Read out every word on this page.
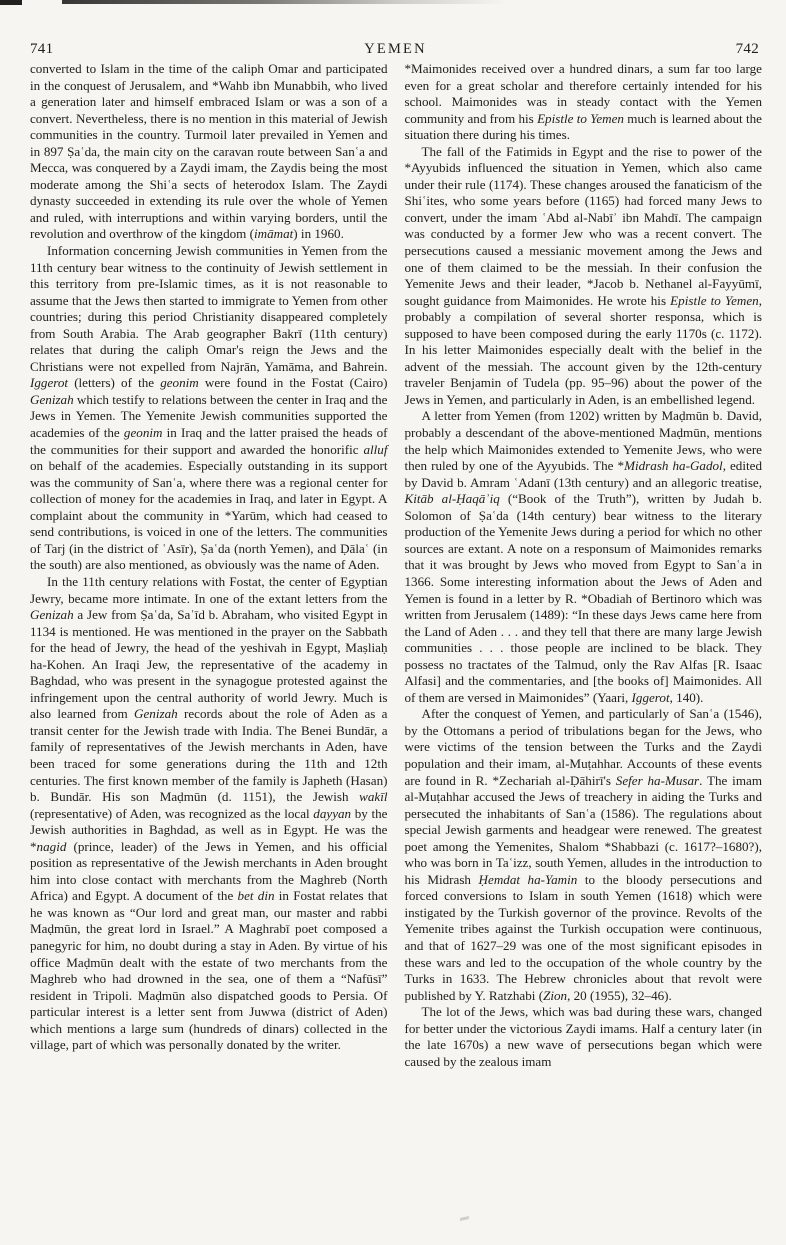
741	YEMEN	742

converted to Islam in the time of the caliph Omar and participated in the conquest of Jerusalem, and *Wahb ibn Munabbih, who lived a generation later and himself embraced Islam or was a son of a convert. Nevertheless, there is no mention in this material of Jewish communities in the country. Turmoil later prevailed in Yemen and in 897 Ṣaʿda, the main city on the caravan route between Sanʿa and Mecca, was conquered by a Zaydi imam, the Zaydis being the most moderate among the Shiʿa sects of heterodox Islam. The Zaydi dynasty succeeded in extending its rule over the whole of Yemen and ruled, with interruptions and within varying borders, until the revolution and overthrow of the kingdom (imāmat) in 1960.

Information concerning Jewish communities in Yemen from the 11th century bear witness to the continuity of Jewish settlement in this territory from pre-Islamic times, as it is not reasonable to assume that the Jews then started to immigrate to Yemen from other countries; during this period Christianity disappeared completely from South Arabia. The Arab geographer Bakrī (11th century) relates that during the caliph Omar's reign the Jews and the Christians were not expelled from Najrān, Yamāma, and Bahrein. Iggerot (letters) of the geonim were found in the Fostat (Cairo) Genizah which testify to relations between the center in Iraq and the Jews in Yemen. The Yemenite Jewish communities supported the academies of the geonim in Iraq and the latter praised the heads of the communities for their support and awarded the honorific alluf on behalf of the academies. Especially outstanding in its support was the community of Sanʿa, where there was a regional center for collection of money for the academies in Iraq, and later in Egypt. A complaint about the community in *Yarūm, which had ceased to send contributions, is voiced in one of the letters. The communities of Tarj (in the district of ʿAsīr), Ṣaʿda (north Yemen), and Ḍālaʿ (in the south) are also mentioned, as obviously was the name of Aden.

In the 11th century relations with Fostat, the center of Egyptian Jewry, became more intimate. In one of the extant letters from the Genizah a Jew from Ṣaʿda, Saʿīd b. Abraham, who visited Egypt in 1134 is mentioned. He was mentioned in the prayer on the Sabbath for the head of Jewry, the head of the yeshivah in Egypt, Maṣliaḥ ha-Kohen. An Iraqi Jew, the representative of the academy in Baghdad, who was present in the synagogue protested against the infringement upon the central authority of world Jewry. Much is also learned from Genizah records about the role of Aden as a transit center for the Jewish trade with India. The Benei Bundār, a family of representatives of the Jewish merchants in Aden, have been traced for some generations during the 11th and 12th centuries. The first known member of the family is Japheth (Hasan) b. Bundār. His son Maḍmūn (d. 1151), the Jewish wakīl (representative) of Aden, was recognized as the local dayyan by the Jewish authorities in Baghdad, as well as in Egypt. He was the *nagid (prince, leader) of the Jews in Yemen, and his official position as representative of the Jewish merchants in Aden brought him into close contact with merchants from the Maghreb (North Africa) and Egypt. A document of the bet din in Fostat relates that he was known as “Our lord and great man, our master and rabbi Maḍmūn, the great lord in Israel.” A Maghrabī poet composed a panegyric for him, no doubt during a stay in Aden. By virtue of his office Maḍmūn dealt with the estate of two merchants from the Maghreb who had drowned in the sea, one of them a “Nafūsī” resident in Tripoli. Maḍmūn also dispatched goods to Persia. Of particular interest is a letter sent from Juwwa (district of Aden) which mentions a large sum (hundreds of dinars) collected in the village, part of which was personally donated by the writer.

*Maimonides received over a hundred dinars, a sum far too large even for a great scholar and therefore certainly intended for his school. Maimonides was in steady contact with the Yemen community and from his Epistle to Yemen much is learned about the situation there during his times.

The fall of the Fatimids in Egypt and the rise to power of the *Ayyubids influenced the situation in Yemen, which also came under their rule (1174). These changes aroused the fanaticism of the Shiʿites, who some years before (1165) had forced many Jews to convert, under the imam ʿAbd al-Nabīʾ ibn Mahdī. The campaign was conducted by a former Jew who was a recent convert. The persecutions caused a messianic movement among the Jews and one of them claimed to be the messiah. In their confusion the Yemenite Jews and their leader, *Jacob b. Nethanel al-Fayyūmī, sought guidance from Maimonides. He wrote his Epistle to Yemen, probably a compilation of several shorter responsa, which is supposed to have been composed during the early 1170s (c. 1172). In his letter Maimonides especially dealt with the belief in the advent of the messiah. The account given by the 12th-century traveler Benjamin of Tudela (pp. 95–96) about the power of the Jews in Yemen, and particularly in Aden, is an embellished legend.

A letter from Yemen (from 1202) written by Maḍmūn b. David, probably a descendant of the above-mentioned Maḍmūn, mentions the help which Maimonides extended to Yemenite Jews, who were then ruled by one of the Ayyubids. The *Midrash ha-Gadol, edited by David b. Amram ʿAdanī (13th century) and an allegoric treatise, Kitāb al-Ḥaqāʾiq (“Book of the Truth”), written by Judah b. Solomon of Ṣaʿda (14th century) bear witness to the literary production of the Yemenite Jews during a period for which no other sources are extant. A note on a responsum of Maimonides remarks that it was brought by Jews who moved from Egypt to Sanʿa in 1366. Some interesting information about the Jews of Aden and Yemen is found in a letter by R. *Obadiah of Bertinoro which was written from Jerusalem (1489): “In these days Jews came here from the Land of Aden . . . and they tell that there are many large Jewish communities . . . those people are inclined to be black. They possess no tractates of the Talmud, only the Rav Alfas [R. Isaac Alfasi] and the commentaries, and [the books of] Maimonides. All of them are versed in Maimonides” (Yaari, Iggerot, 140).

After the conquest of Yemen, and particularly of Sanʿa (1546), by the Ottomans a period of tribulations began for the Jews, who were victims of the tension between the Turks and the Zaydi population and their imam, al-Muṭahhar. Accounts of these events are found in R. *Zechariah al-Ḍāhirī's Sefer ha-Musar. The imam al-Muṭahhar accused the Jews of treachery in aiding the Turks and persecuted the inhabitants of Sanʿa (1586). The regulations about special Jewish garments and headgear were renewed. The greatest poet among the Yemenites, Shalom *Shabbazi (c. 1617?–1680?), who was born in Taʿizz, south Yemen, alludes in the introduction to his Midrash Ḥemdat ha-Yamin to the bloody persecutions and forced conversions to Islam in south Yemen (1618) which were instigated by the Turkish governor of the province. Revolts of the Yemenite tribes against the Turkish occupation were continuous, and that of 1627–29 was one of the most significant episodes in these wars and led to the occupation of the whole country by the Turks in 1633. The Hebrew chronicles about that revolt were published by Y. Ratzhabi (Zion, 20 (1955), 32–46).

The lot of the Jews, which was bad during these wars, changed for better under the victorious Zaydi imams. Half a century later (in the late 1670s) a new wave of persecutions began which were caused by the zealous imam
